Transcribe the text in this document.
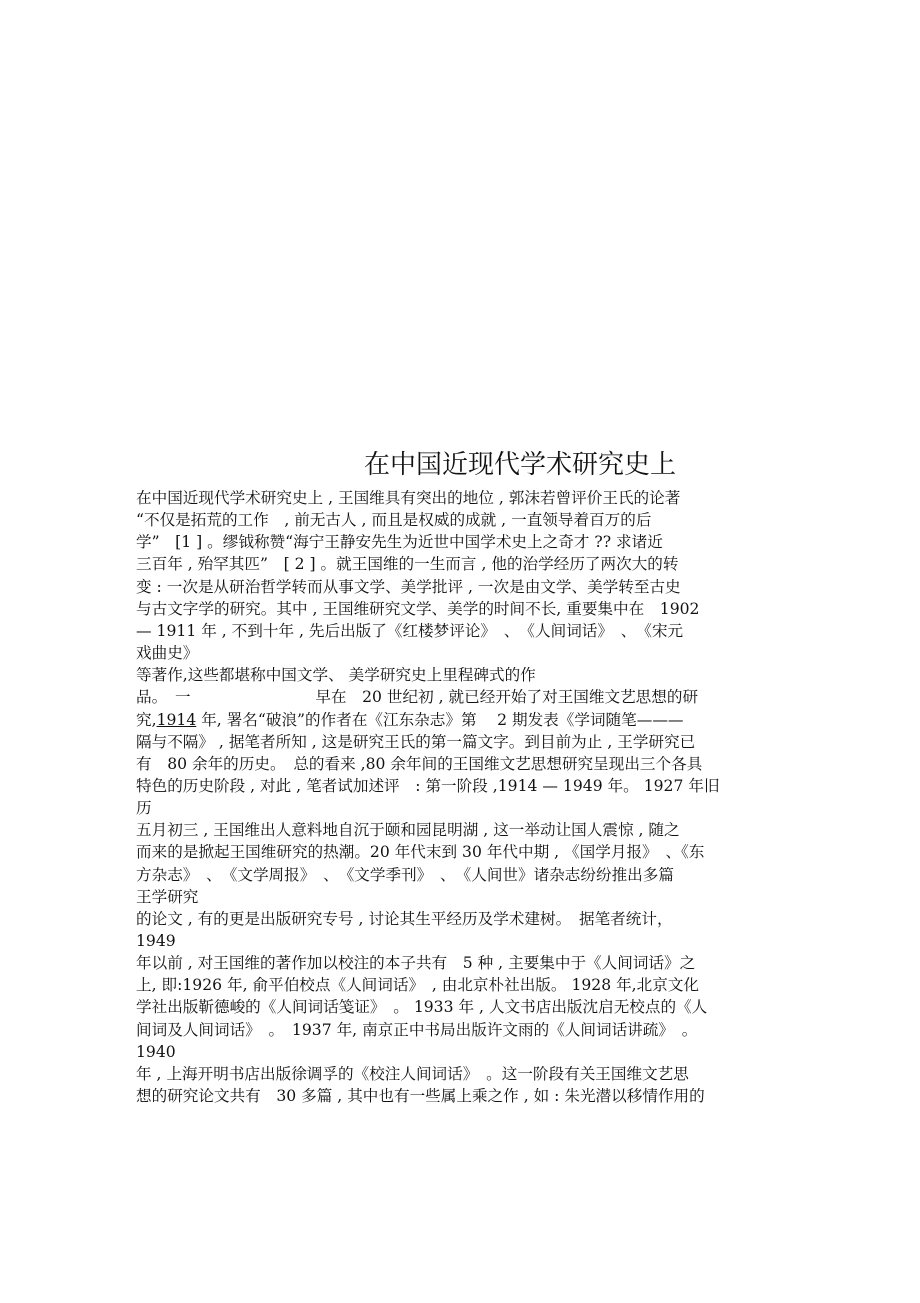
在中国近现代学术研究史上
在中国近现代学术研究史上 , 王国维具有突出的地位 , 郭沫若曾评价王氏的论著
“不仅是拓荒的工作　, 前无古人 , 而且是权威的成就 , 一直领导着百万的后
学”　[1 ] 。缪钺称赞“海宁王静安先生为近世中国学术史上之奇才 ?? 求诸近
三百年 , 殆罕其匹”　[ 2 ] 。就王国维的一生而言 , 他的治学经历了两次大的转
变 : 一次是从研治哲学转而从事文学、美学批评 , 一次是由文学、美学转至古史
与古文字学的研究。其中 , 王国维研究文学、美学的时间不长, 重要集中在　1902
— 1911 年 , 不到十年 , 先后出版了《红楼梦评论》　、　《人间词话》　、　《宋元
戏曲史》
等著作,这些都堪称中国文学、 美学研究史上里程碑式的作
品。　一　　　　　　　　早在　20 世纪初 , 就已经开始了对王国维文艺思想的研
究,1914 年, 署名“破浪”的作者在《江东杂志》第　 2 期发表《学词随笔———
隔与不隔》 , 据笔者所知 , 这是研究王氏的第一篇文字。到目前为止 , 王学研究已
有　80 余年的历史。　总的看来 ,80 余年间的王国维文艺思想研究呈现出三个各具
特色的历史阶段 , 对此 , 笔者试加述评　: 第一阶段 ,1914 — 1949 年。 1927 年旧
历
五月初三 , 王国维出人意料地自沉于颐和园昆明湖 , 这一举动让国人震惊 , 随之
而来的是掀起王国维研究的热潮。20 年代末到 30 年代中期 , 《国学月报》　、《东
方杂志》　、　《文学周报》　、　《文学季刊》　、　《人间世》诸杂志纷纷推出多篇
王学研究
的论文 , 有的更是出版研究专号 , 讨论其生平经历及学术建树。　据笔者统计，
1949
年以前 , 对王国维的著作加以校注的本子共有　5 种 , 主要集中于《人间词话》之
上, 即:1926 年, 俞平伯校点《人间词话》　, 由北京朴社出版。 1928 年,北京文化
学社出版靳德峻的《人间词话笺证》　。 1933 年 , 人文书店出版沈启无校点的《人
间词及人间词话》　。　1937 年, 南京正中书局出版许文雨的《人间词话讲疏》　。
1940
年 , 上海开明书店出版徐调孚的《校注人间词话》　。这一阶段有关王国维文艺思
想的研究论文共有　30 多篇 , 其中也有一些属上乘之作 , 如 : 朱光潜以移情作用的
